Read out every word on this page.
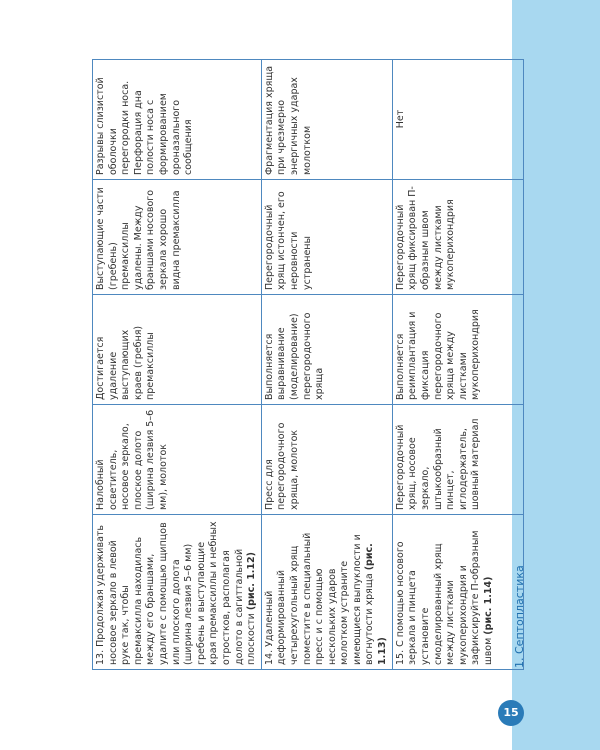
1. Септопластика
15
13. Продолжая удерживать носовое зеркало в левой руке так, чтобы премаксилла находилась между его браншами, удалите с помощью щипцов или плоского долота (ширина лезвия 5–6 мм) гребень и выступающие края премаксиллы и небных отростков, располагая долото в сагиттальной плоскости (рис. 1.12)	Налобный осветитель, носовое зеркало, плоское долото (ширина лезвия 5–6 мм), молоток	Достигается удаление выступающих краев (гребня) премаксиллы	Выступающие части (гребень) премаксиллы удалены. Между браншами носового зеркала хорошо видна премаксилла	Разрывы слизистой оболочки перегородки носа. Перфорация дна полости носа с формированием ороназального сообщения
14. Удаленный деформированный четырехугольный хрящ поместите в специальный пресс и с помощью нескольких ударов молотком устраните имеющиеся выпуклости и вогнутости хряща (рис. 1.13)	Пресс для перегородочного хряща, молоток	Выполняется выравнивание (моделирование) перегородочного хряща	Перегородочный хрящ истончен, его неровности устранены	Фрагментация хряща при чрезмерно энергичных ударах молотком
15. С помощью носового зеркала и пинцета установите смоделированный хрящ между листками мукоперихондрия и зафиксируйте П-образным швом (рис. 1.14)	Перегородочный хрящ, носовое зеркало, штыкообразный пинцет, иглодержатель, шовный материал	Выполняется реимплантация и фиксация перегородочного хряща между листками мукоперихондрия	Перегородочный хрящ фиксирован П-образным швом между листками мукоперихондрия	Нет
